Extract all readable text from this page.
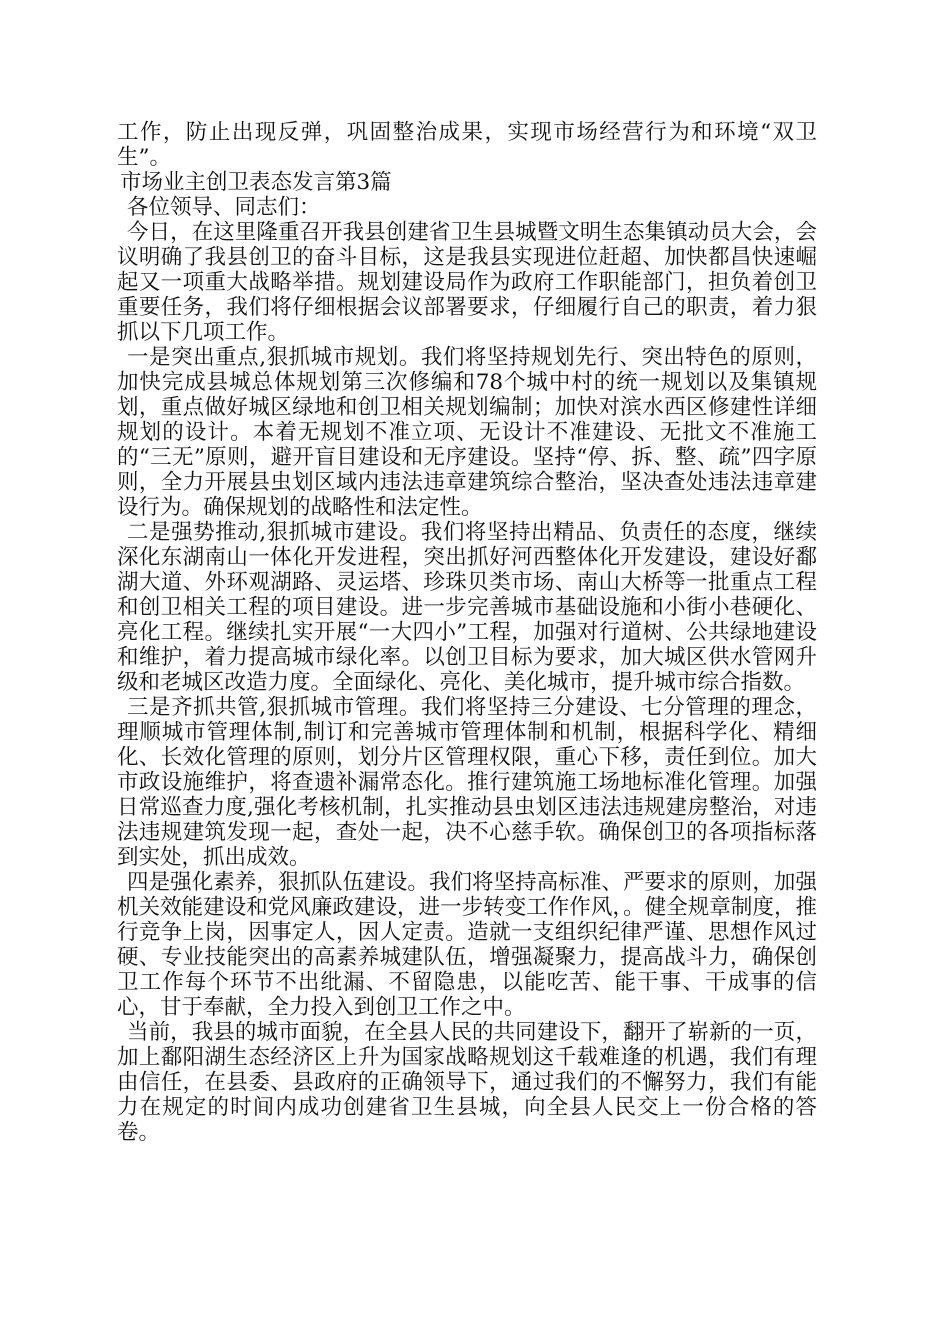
工作，防止出现反弹，巩固整治成果，实现市场经营行为和环境“双卫生”。

市场业主创卫表态发言第3篇

各位领导、同志们：

今日，在这里隆重召开我县创建省卫生县城暨文明生态集镇动员大会，会议明确了我县创卫的奋斗目标，这是我县实现进位赶超、加快都昌快速崛起又一项重大战略举措。规划建设局作为政府工作职能部门，担负着创卫重要任务，我们将仔细根据会议部署要求，仔细履行自己的职责，着力狠抓以下几项工作。

一是突出重点,狠抓城市规划。我们将坚持规划先行、突出特色的原则，加快完成县城总体规划第三次修编和78个城中村的统一规划以及集镇规划，重点做好城区绿地和创卫相关规划编制；加快对滨水西区修建性详细规划的设计。本着无规划不准立项、无设计不准建设、无批文不准施工的“三无”原则，避开盲目建设和无序建设。坚持“停、拆、整、疏”四字原则，全力开展县虫划区域内违法违章建筑综合整治，坚决查处违法违章建设行为。确保规划的战略性和法定性。

二是强势推动,狠抓城市建设。我们将坚持出精品、负责任的态度，继续深化东湖南山一体化开发进程，突出抓好河西整体化开发建设，建设好鄱湖大道、外环观湖路、灵运塔、珍珠贝类市场、南山大桥等一批重点工程和创卫相关工程的项目建设。进一步完善城市基础设施和小街小巷硬化、亮化工程。继续扎实开展“一大四小”工程，加强对行道树、公共绿地建设和维护，着力提高城市绿化率。以创卫目标为要求，加大城区供水管网升级和老城区改造力度。全面绿化、亮化、美化城市，提升城市综合指数。

三是齐抓共管,狠抓城市管理。我们将坚持三分建设、七分管理的理念，理顺城市管理体制,制订和完善城市管理体制和机制，根据科学化、精细化、长效化管理的原则，划分片区管理权限，重心下移，责任到位。加大市政设施维护，将查遗补漏常态化。推行建筑施工场地标准化管理。加强日常巡查力度,强化考核机制，扎实推动县虫划区违法违规建房整治，对违法违规建筑发现一起，查处一起，决不心慈手软。确保创卫的各项指标落到实处，抓出成效。

四是强化素养，狠抓队伍建设。我们将坚持高标准、严要求的原则，加强机关效能建设和党风廉政建设，进一步转变工作作风，。健全规章制度，推行竞争上岗，因事定人，因人定责。造就一支组织纪律严谨、思想作风过硬、专业技能突出的高素养城建队伍，增强凝聚力，提高战斗力，确保创卫工作每个环节不出纰漏、不留隐患，以能吃苦、能干事、干成事的信心，甘于奉献，全力投入到创卫工作之中。

当前，我县的城市面貌，在全县人民的共同建设下，翻开了崭新的一页，加上鄱阳湖生态经济区上升为国家战略规划这千载难逢的机遇，我们有理由信任，在县委、县政府的正确领导下，通过我们的不懈努力，我们有能力在规定的时间内成功创建省卫生县城，向全县人民交上一份合格的答卷。
